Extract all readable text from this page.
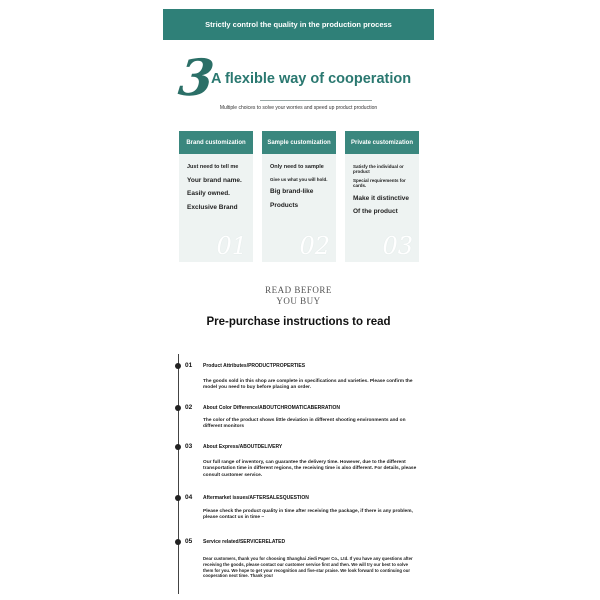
Strictly control the quality in the production process
3
A flexible way of cooperation
Multiple choices to solve your worries and speed up product production
Brand customization
Just need to tell me
Your brand name.
Easily owned.
Exclusive Brand
01
Sample customization
Only need to sample
Give us what you will hold.
Big brand-like
Products
02
Private customization
Satisfy the individual or product
Special requirements for cards.
Make it distinctive
Of the product
03
READ BEFORE
YOU BUY
Pre-purchase instructions to read
01 Product Attributes/PRODUCTPROPERTIES
The goods sold in this shop are complete in specifications and varieties. Please confirm the model you need to buy before placing an order.
02 About Color Difference/ABOUTCHROMATICABERRATION
The color of the product shows little deviation in different shooting environments and on different monitors
03 About Express/ABOUTDELIVERY
Our full range of inventory, can guarantee the delivery time. However, due to the different transportation time in different regions, the receiving time is also different. For details, please consult customer service.
04 Aftermarket issues/AFTERSALESQUESTION
Please check the product quality in time after receiving the package, if there is any problem, please contact us in time ~
05 Service related/SERVICERELATED
Dear customers, thank you for choosing Shanghai Jiedi Paper Co., Ltd. If you have any questions after receiving the goods, please contact our customer service first and then. We will try our best to solve them for you. We hope to get your recognition and five-star praise. We look forward to continuing our cooperation next time. Thank you!
